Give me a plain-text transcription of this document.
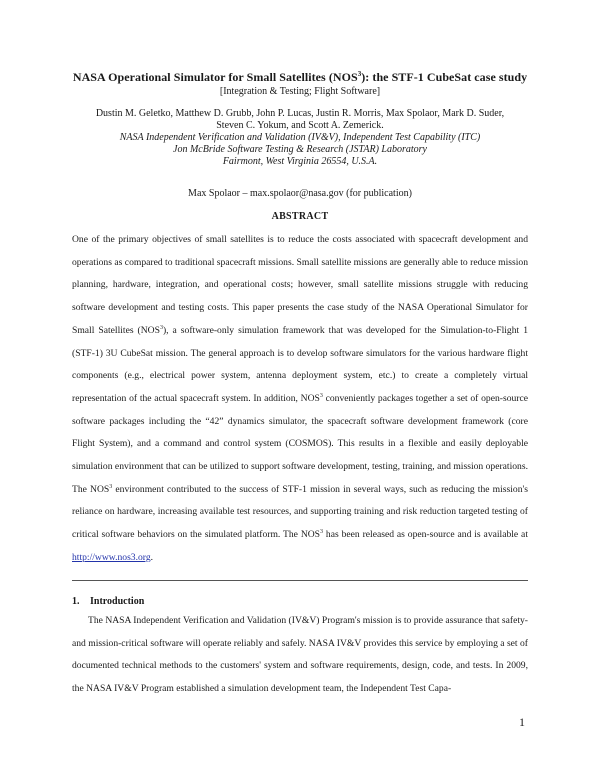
NASA Operational Simulator for Small Satellites (NOS$^3$): the STF-1 CubeSat case study
[Integration & Testing; Flight Software]
Dustin M. Geletko, Matthew D. Grubb, John P. Lucas, Justin R. Morris, Max Spolaor, Mark D. Suder,
Steven C. Yokum, and Scott A. Zemerick.
NASA Independent Verification and Validation (IV&V), Independent Test Capability (ITC)
Jon McBride Software Testing & Research (JSTAR) Laboratory
Fairmont, West Virginia 26554, U.S.A.
Max Spolaor – max.spolaor@nasa.gov (for publication)
ABSTRACT

One of the primary objectives of small satellites is to reduce the costs associated with spacecraft development and operations as compared to traditional spacecraft missions. Small satellite missions are generally able to reduce mission planning, hardware, integration, and operational costs; however, small satellite missions struggle with reducing software development and testing costs. This paper presents the case study of the NASA Operational Simulator for Small Satellites (NOS$^3$), a software-only simulation framework that was developed for the Simulation-to-Flight 1 (STF-1) 3U CubeSat mission. The general approach is to develop software simulators for the various hardware flight components (e.g., electrical power system, antenna deployment system, etc.) to create a completely virtual representation of the actual spacecraft system. In addition, NOS$^3$ conveniently packages together a set of open-source software packages including the “42” dynamics simulator, the spacecraft software development framework (core Flight System), and a command and control system (COSMOS). This results in a flexible and easily deployable simulation environment that can be utilized to support software development, testing, training, and mission operations. The NOS$^3$ environment contributed to the success of STF-1 mission in several ways, such as reducing the mission's reliance on hardware, increasing available test resources, and supporting training and risk reduction targeted testing of critical software behaviors on the simulated platform. The NOS$^3$ has been released as open-source and is available at http://www.nos3.org.

1. Introduction

The NASA Independent Verification and Validation (IV&V) Program's mission is to provide assurance that safety- and mission-critical software will operate reliably and safely. NASA IV&V provides this service by employing a set of documented technical methods to the customers' system and software requirements, design, code, and tests. In 2009, the NASA IV&V Program established a simulation development team, the Independent Test Capa-

1
